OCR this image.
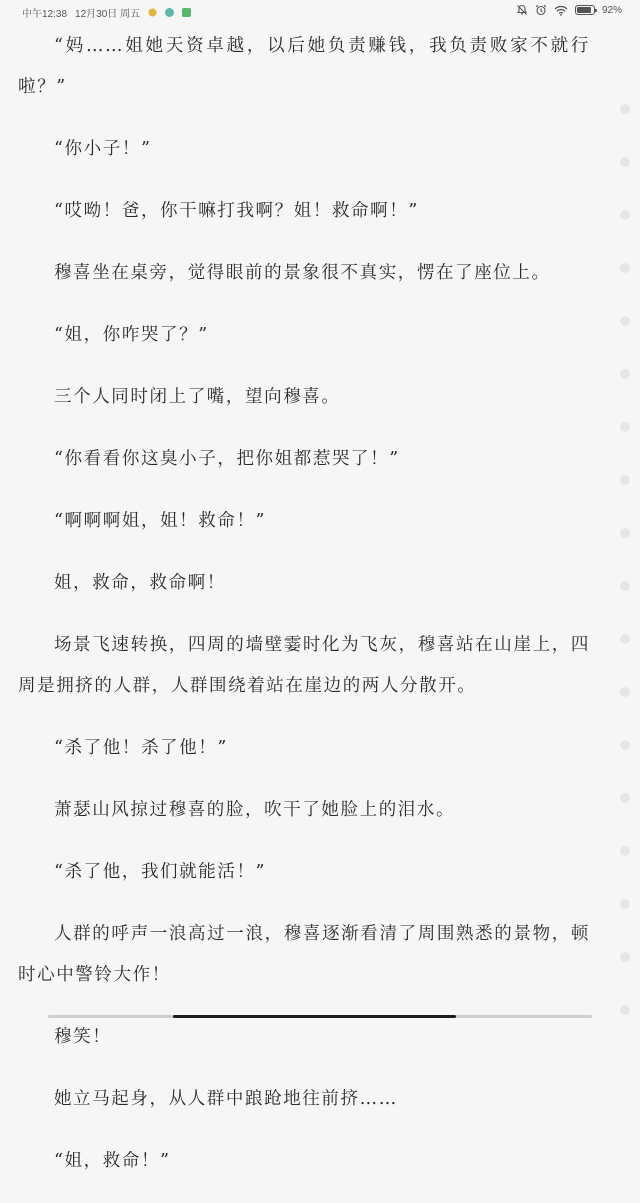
中午12:38 12月30日 周五	92%

“妈……姐她天资卓越，以后她负责赚钱，我负责败家不就行啦？”

“你小子！”

“哎呦！爸，你干嘛打我啊？姐！救命啊！”

穆喜坐在桌旁，觉得眼前的景象很不真实，愣在了座位上。

“姐，你咋哭了？”

三个人同时闭上了嘴，望向穆喜。

“你看看你这臭小子，把你姐都惹哭了！”

“啊啊啊姐，姐！救命！”

姐，救命，救命啊！

场景飞速转换，四周的墙壁霎时化为飞灰，穆喜站在山崖上，四周是拥挤的人群，人群围绕着站在崖边的两人分散开。

“杀了他！杀了他！”

萧瑟山风掠过穆喜的脸，吹干了她脸上的泪水。

“杀了他，我们就能活！”

人群的呼声一浪高过一浪，穆喜逐渐看清了周围熟悉的景物，顿时心中警铃大作！

穆笑！

她立马起身，从人群中踉跄地往前挤……

“姐，救命！”
